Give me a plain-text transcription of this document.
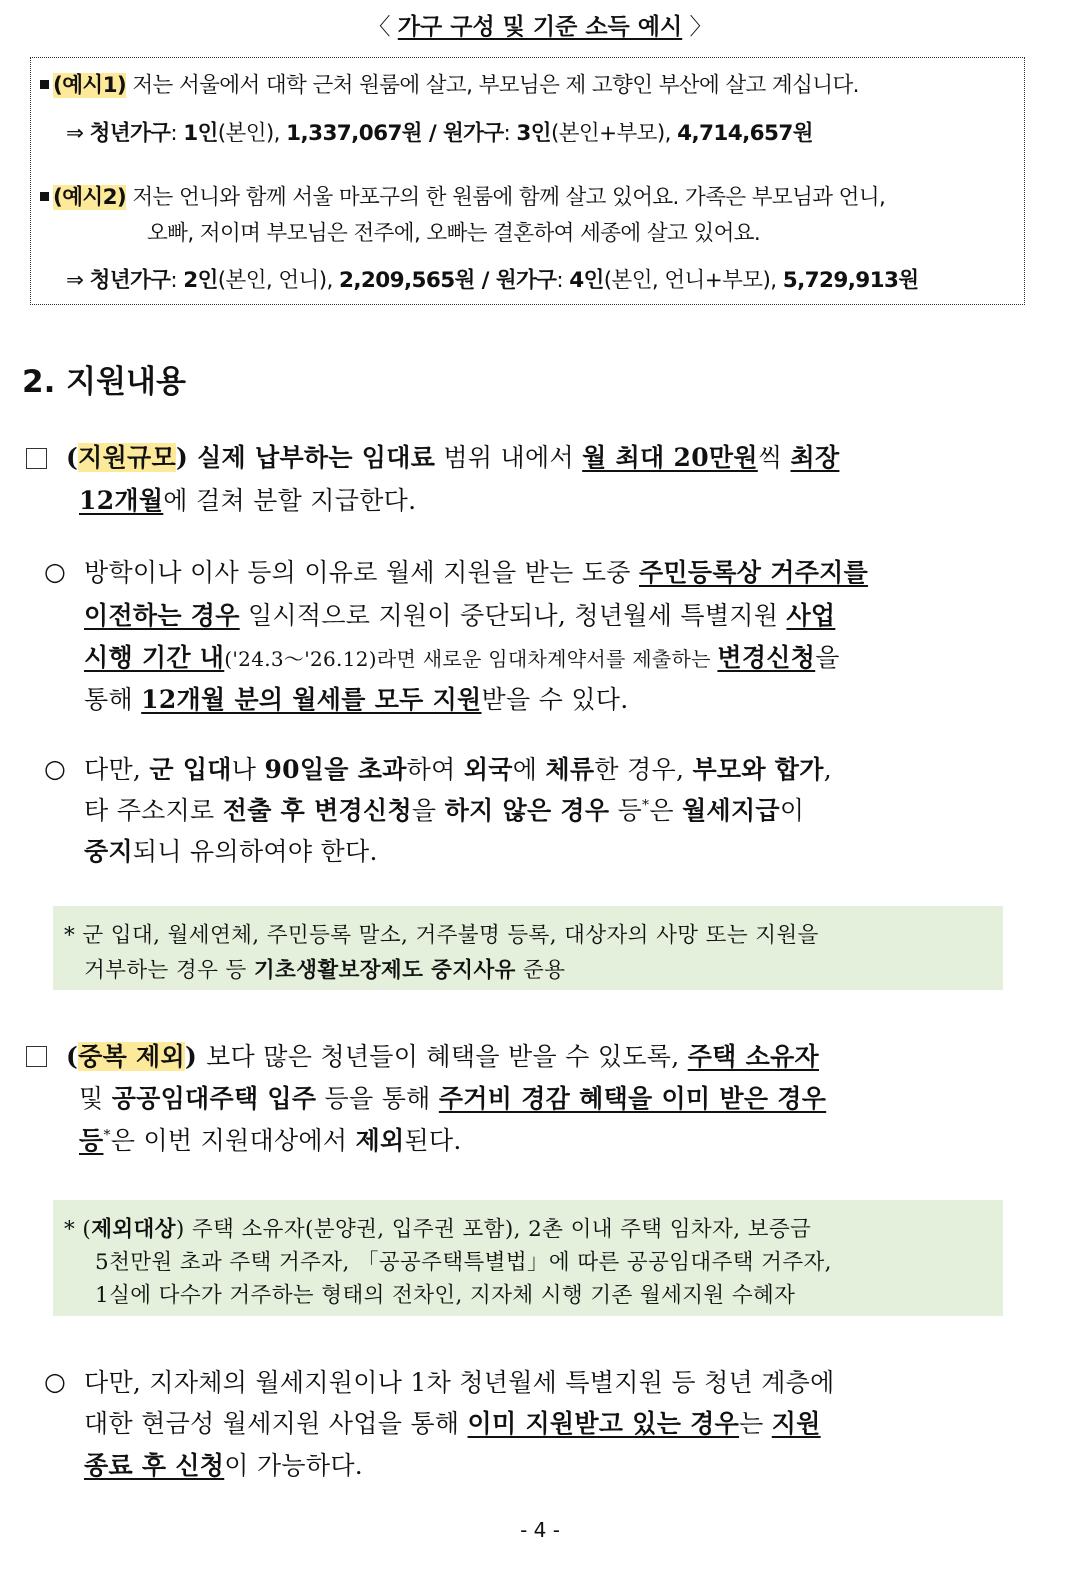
〈 가구 구성 및 기준 소득 예시 〉
(예시1) 저는 서울에서 대학 근처 원룸에 살고, 부모님은 제 고향인 부산에 살고 계십니다.
⇒ 청년가구: 1인(본인), 1,337,067원 / 원가구: 3인(본인+부모), 4,714,657원
(예시2) 저는 언니와 함께 서울 마포구의 한 원룸에 함께 살고 있어요. 가족은 부모님과 언니,
오빠, 저이며 부모님은 전주에, 오빠는 결혼하여 세종에 살고 있어요.
⇒ 청년가구: 2인(본인, 언니), 2,209,565원 / 원가구: 4인(본인, 언니+부모), 5,729,913원
2. 지원내용
(지원규모) 실제 납부하는 임대료 범위 내에서 월 최대 20만원씩 최장
12개월에 걸쳐 분할 지급한다.
○ 방학이나 이사 등의 이유로 월세 지원을 받는 도중 주민등록상 거주지를
이전하는 경우 일시적으로 지원이 중단되나, 청년월세 특별지원 사업
시행 기간 내('24.3～'26.12)라면 새로운 임대차계약서를 제출하는 변경신청을
통해 12개월 분의 월세를 모두 지원받을 수 있다.
○ 다만, 군 입대나 90일을 초과하여 외국에 체류한 경우, 부모와 합가,
타 주소지로 전출 후 변경신청을 하지 않은 경우 등*은 월세지급이
중지되니 유의하여야 한다.
* 군 입대, 월세연체, 주민등록 말소, 거주불명 등록, 대상자의 사망 또는 지원을
거부하는 경우 등 기초생활보장제도 중지사유 준용
(중복 제외) 보다 많은 청년들이 혜택을 받을 수 있도록, 주택 소유자
및 공공임대주택 입주 등을 통해 주거비 경감 혜택을 이미 받은 경우
등*은 이번 지원대상에서 제외된다.
* (제외대상) 주택 소유자(분양권, 입주권 포함), 2촌 이내 주택 임차자, 보증금
5천만원 초과 주택 거주자, 「공공주택특별법」에 따른 공공임대주택 거주자,
1실에 다수가 거주하는 형태의 전차인, 지자체 시행 기존 월세지원 수혜자
○ 다만, 지자체의 월세지원이나 1차 청년월세 특별지원 등 청년 계층에
대한 현금성 월세지원 사업을 통해 이미 지원받고 있는 경우는 지원
종료 후 신청이 가능하다.
- 4 -
